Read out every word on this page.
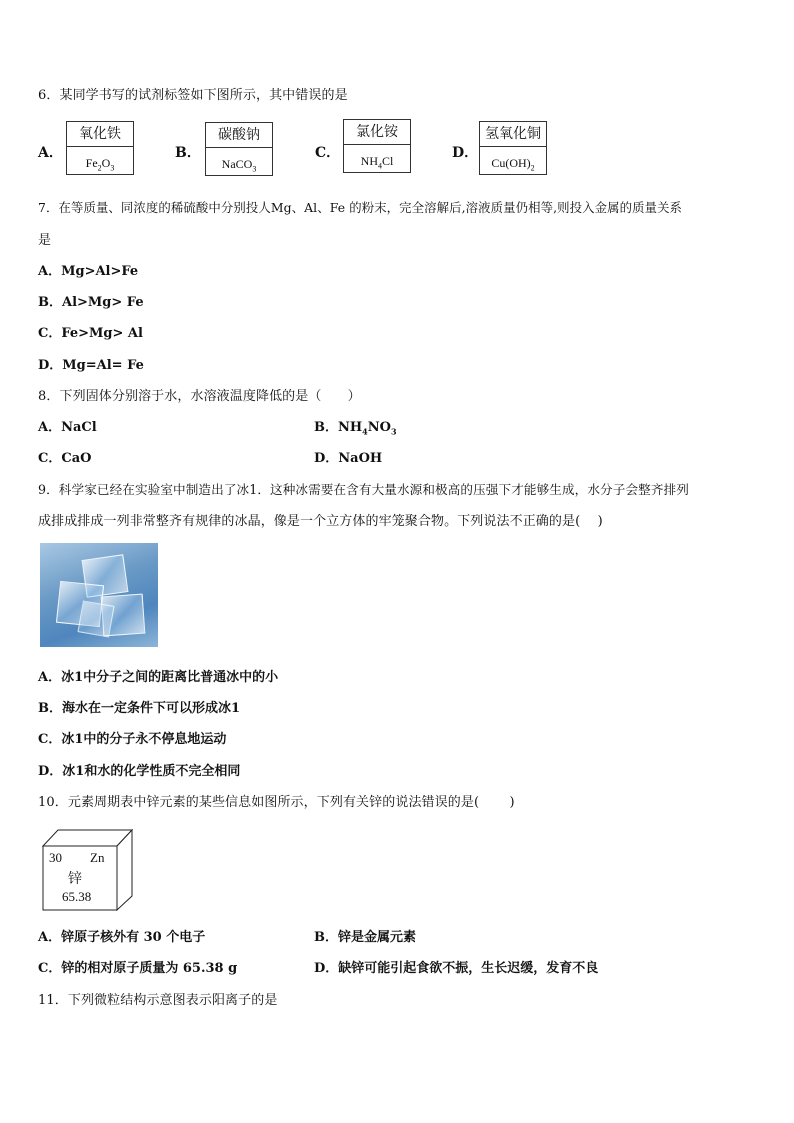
6．某同学书写的试剂标签如下图所示，其中错误的是
A．
氧化铁
$Fe_2O_3$
B．
碳酸钠
NaCO$_3$
C．
氯化铵
$NH_4Cl$	D．
氢氧化铜
$Cu(OH)_2$
7．在等质量、同浓度的稀硫酸中分别投人Mg、Al、Fe 的粉末，完全溶解后,溶液质量仍相等,则投入金属的质量关系
是
A．Mg>Al>Fe
B．Al>Mg> Fe
C．Fe>Mg> Al
D．Mg=Al= Fe
8．下列固体分别溶于水，水溶液温度降低的是（　　）
A．NaCl	B．$NH_4NO_3$
C．CaO	D．NaOH
9．科学家已经在实验室中制造出了冰1．这种冰需要在含有大量水源和极高的压强下才能够生成，水分子会整齐排列
成排成排成一列非常整齐有规律的冰晶，像是一个立方体的牢笼聚合物。下列说法不正确的是(　 )
A．冰1中分子之间的距离比普通冰中的小
B．海水在一定条件下可以形成冰1
C．冰1中的分子永不停息地运动
D．冰1和水的化学性质不完全相同
10．元素周期表中锌元素的某些信息如图所示，下列有关锌的说法错误的是(　 　)
30 Zn
锌
65.38
A．锌原子核外有 30 个电子	B．锌是金属元素
C．锌的相对原子质量为 65.38 g	D．缺锌可能引起食欲不振，生长迟缓，发育不良
11．下列微粒结构示意图表示阳离子的是
